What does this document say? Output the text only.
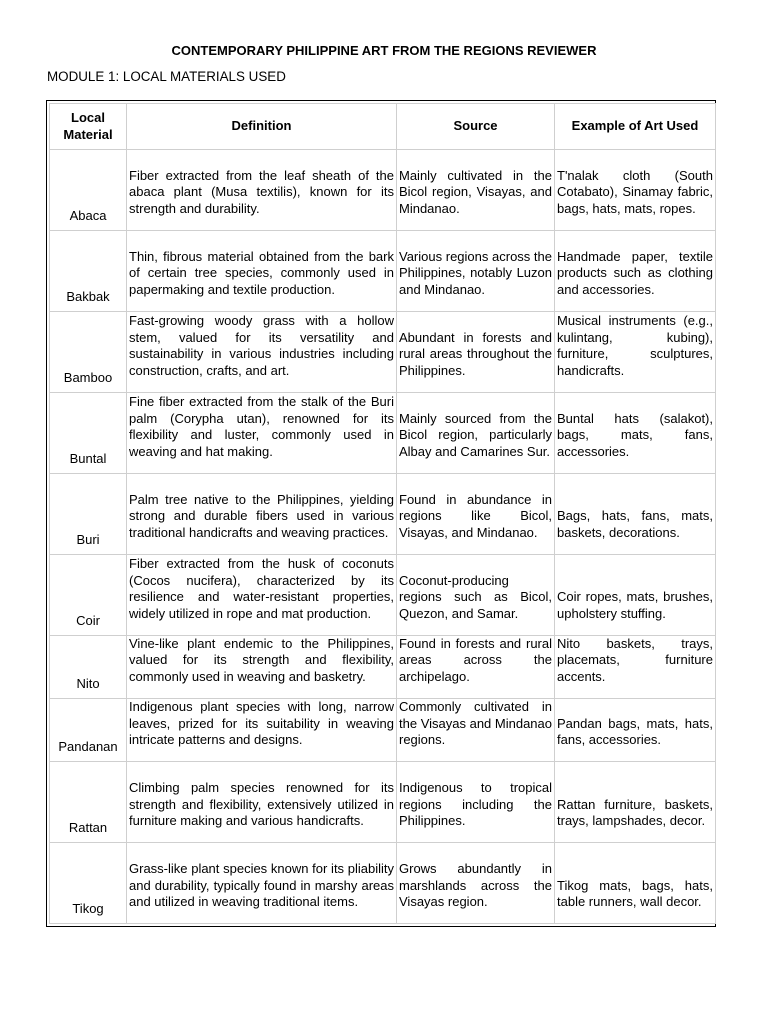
CONTEMPORARY PHILIPPINE ART FROM THE REGIONS REVIEWER
MODULE 1: LOCAL MATERIALS USED
Local Material	Definition	Source	Example of Art Used
Abaca	Fiber extracted from the leaf sheath of the abaca plant (Musa textilis), known for its strength and durability.	Mainly cultivated in the Bicol region, Visayas, and Mindanao.	T'nalak cloth (South Cotabato), Sinamay fabric, bags, hats, mats, ropes.
Bakbak	Thin, fibrous material obtained from the bark of certain tree species, commonly used in papermaking and textile production.	Various regions across the Philippines, notably Luzon and Mindanao.	Handmade paper, textile products such as clothing and accessories.
Bamboo	Fast-growing woody grass with a hollow stem, valued for its versatility and sustainability in various industries including construction, crafts, and art.	Abundant in forests and rural areas throughout the Philippines.	Musical instruments (e.g., kulintang, kubing), furniture, sculptures, handicrafts.
Buntal	Fine fiber extracted from the stalk of the Buri palm (Corypha utan), renowned for its flexibility and luster, commonly used in weaving and hat making.	Mainly sourced from the Bicol region, particularly Albay and Camarines Sur.	Buntal hats (salakot), bags, mats, fans, accessories.
Buri	Palm tree native to the Philippines, yielding strong and durable fibers used in various traditional handicrafts and weaving practices.	Found in abundance in regions like Bicol, Visayas, and Mindanao.	Bags, hats, fans, mats, baskets, decorations.
Coir	Fiber extracted from the husk of coconuts (Cocos nucifera), characterized by its resilience and water-resistant properties, widely utilized in rope and mat production.	Coconut-producing regions such as Bicol, Quezon, and Samar.	Coir ropes, mats, brushes, upholstery stuffing.
Nito	Vine-like plant endemic to the Philippines, valued for its strength and flexibility, commonly used in weaving and basketry.	Found in forests and rural areas across the archipelago.	Nito baskets, trays, placemats, furniture accents.
Pandanan	Indigenous plant species with long, narrow leaves, prized for its suitability in weaving intricate patterns and designs.	Commonly cultivated in the Visayas and Mindanao regions.	Pandan bags, mats, hats, fans, accessories.
Rattan	Climbing palm species renowned for its strength and flexibility, extensively utilized in furniture making and various handicrafts.	Indigenous to tropical regions including the Philippines.	Rattan furniture, baskets, trays, lampshades, decor.
Tikog	Grass-like plant species known for its pliability and durability, typically found in marshy areas and utilized in weaving traditional items.	Grows abundantly in marshlands across the Visayas region.	Tikog mats, bags, hats, table runners, wall decor.
